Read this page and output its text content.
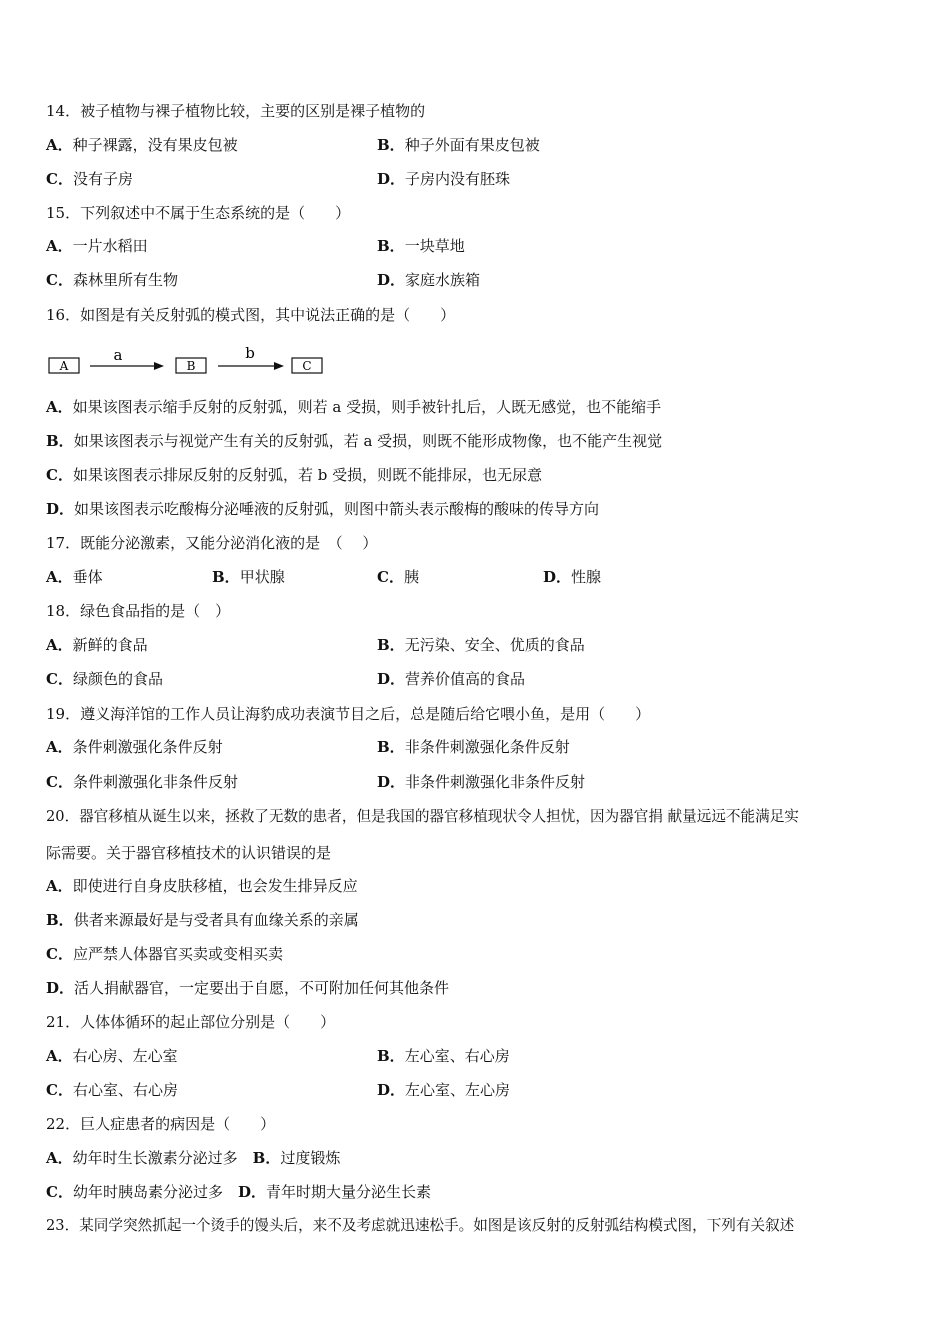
14．被子植物与裸子植物比较，主要的区别是裸子植物的
A．种子裸露，没有果皮包被	B．种子外面有果皮包被
C．没有子房	D．子房内没有胚珠
15．下列叙述中不属于生态系统的是（　　）
A．一片水稻田	B．一块草地
C．森林里所有生物	D．家庭水族箱
16．如图是有关反射弧的模式图，其中说法正确的是（　　）
A
a
B
b
C
A．如果该图表示缩手反射的反射弧，则若 a 受损，则手被针扎后，人既无感觉，也不能缩手
B．如果该图表示与视觉产生有关的反射弧，若 a 受损，则既不能形成物像，也不能产生视觉
C．如果该图表示排尿反射的反射弧，若 b 受损，则既不能排尿，也无尿意
D．如果该图表示吃酸梅分泌唾液的反射弧，则图中箭头表示酸梅的酸味的传导方向
17．既能分泌激素，又能分泌消化液的是　（　 ）
A．垂体	B．甲状腺	C．胰	D．性腺
18．绿色食品指的是（　）
A．新鲜的食品	B．无污染、安全、优质的食品
C．绿颜色的食品	D．营养价值高的食品
19．遵义海洋馆的工作人员让海豹成功表演节目之后，总是随后给它喂小鱼，是用（　　）
A．条件刺激强化条件反射	B．非条件刺激强化条件反射
C．条件刺激强化非条件反射	D．非条件刺激强化非条件反射
20．器官移植从诞生以来，拯救了无数的患者，但是我国的器官移植现状令人担忧，因为器官捐 献量远远不能满足实
际需要。关于器官移植技术的认识错误的是
A．即使进行自身皮肤移植，也会发生排异反应
B．供者来源最好是与受者具有血缘关系的亲属
C．应严禁人体器官买卖或变相买卖
D．活人捐献器官，一定要出于自愿，不可附加任何其他条件
21．人体体循环的起止部位分别是（　　）
A．右心房、左心室	B．左心室、右心房
C．右心室、右心房	D．左心室、左心房
22．巨人症患者的病因是（　　）
A．幼年时生长激素分泌过多　 B．过度锻炼
C．幼年时胰岛素分泌过多　 D．青年时期大量分泌生长素
23．某同学突然抓起一个烫手的馒头后，来不及考虑就迅速松手。如图是该反射的反射弧结构模式图，下列有关叙述
